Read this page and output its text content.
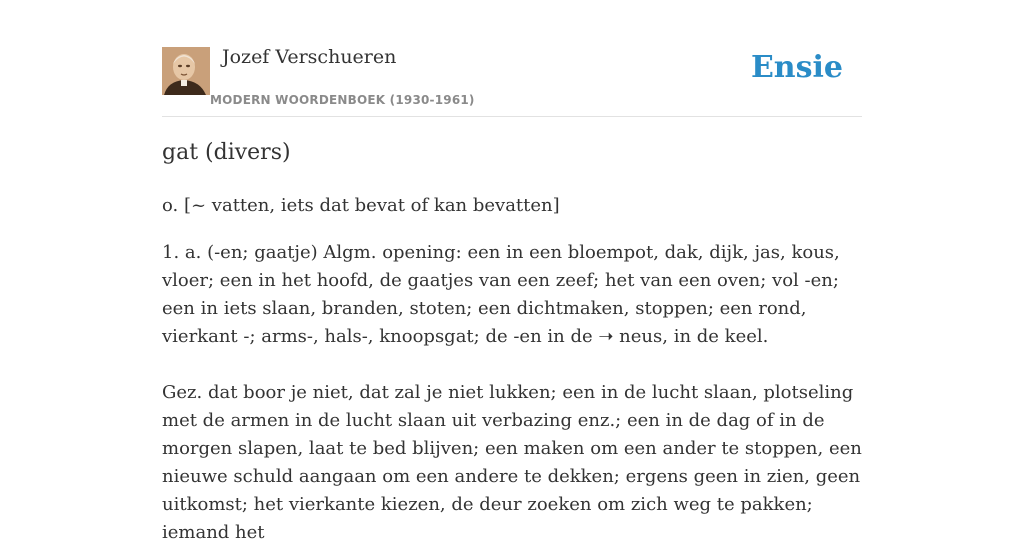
Jozef Verschueren
MODERN WOORDENBOEK (1930-1961)
Ensie
gat (divers)

o. [~ vatten, iets dat bevat of kan bevatten]

1. a. (-en; gaatje) Algm. opening: een in een bloempot, dak, dijk, jas, kous, vloer; een in het hoofd, de gaatjes van een zeef; het van een oven; vol -en; een in iets slaan, branden, stoten; een dichtmaken, stoppen; een rond, vierkant -; arms-, hals-, knoopsgat; de -en in de ➝ neus, in de keel.

Gez. dat boor je niet, dat zal je niet lukken; een in de lucht slaan, plotseling met de armen in de lucht slaan uit verbazing enz.; een in de dag of in de morgen slapen, laat te bed blijven; een maken om een ander te stoppen, een nieuwe schuld aangaan om een andere te dekken; ergens geen in zien, geen uitkomst; het vierkante kiezen, de deur zoeken om zich weg te pakken; iemand het
